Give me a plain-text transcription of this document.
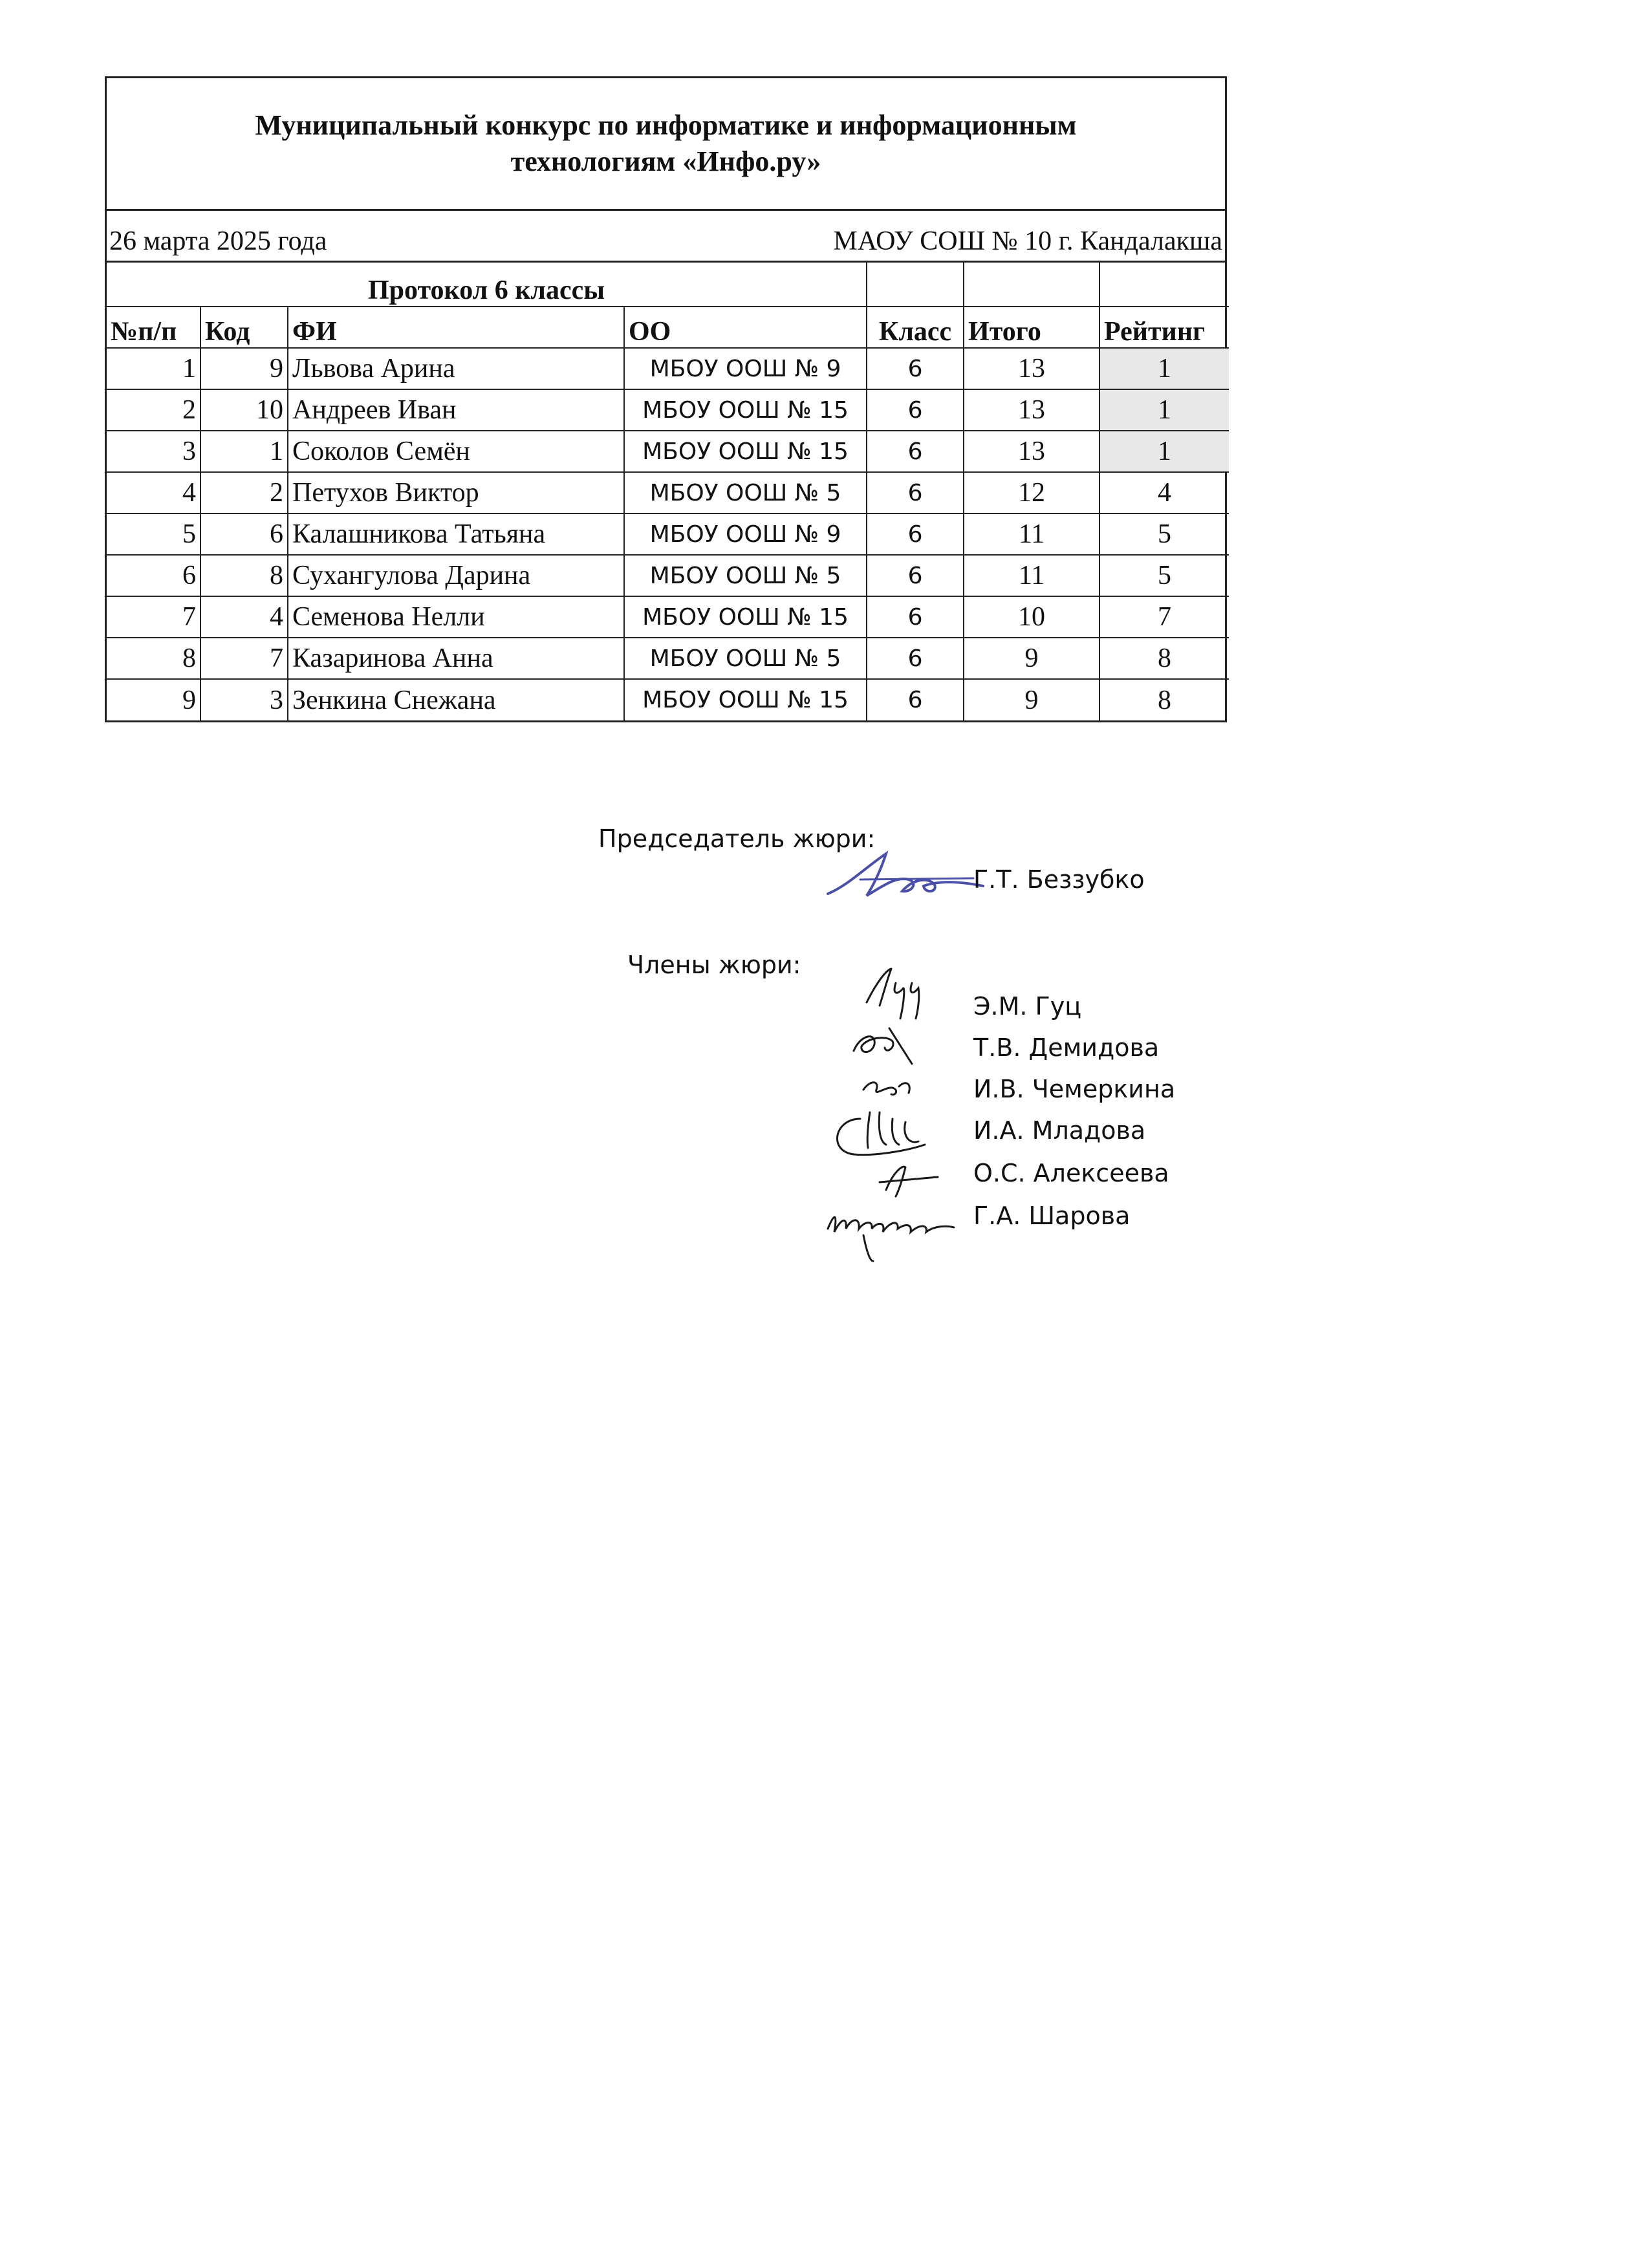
Муниципальный конкурс по информатике и информационным
технологиям «Инфо.ру»
26 марта 2025 года	МАОУ СОШ № 10 г. Кандалакша
Протокол 6 классы						
№п/п	Код	ФИ	ОО	Класс	Итого	Рейтинг
1	9	Львова Арина	МБОУ ООШ № 9	6	13	1
2	10	Андреев Иван	МБОУ ООШ № 15	6	13	1
3	1	Соколов Семён	МБОУ ООШ № 15	6	13	1
4	2	Петухов Виктор	МБОУ ООШ № 5	6	12	4
5	6	Калашникова Татьяна	МБОУ ООШ № 9	6	11	5
6	8	Сухангулова Дарина	МБОУ ООШ № 5	6	11	5
7	4	Семенова Нелли	МБОУ ООШ № 15	6	10	7
8	7	Казаринова Анна	МБОУ ООШ № 5	6	9	8
9	3	Зенкина Снежана	МБОУ ООШ № 15	6	9	8
Председатель жюри:
Г.Т. Беззубко
Члены жюри:
Э.М. Гуц
Т.В. Демидова
И.В. Чемеркина
И.А. Младова
О.С. Алексеева
Г.А. Шарова
